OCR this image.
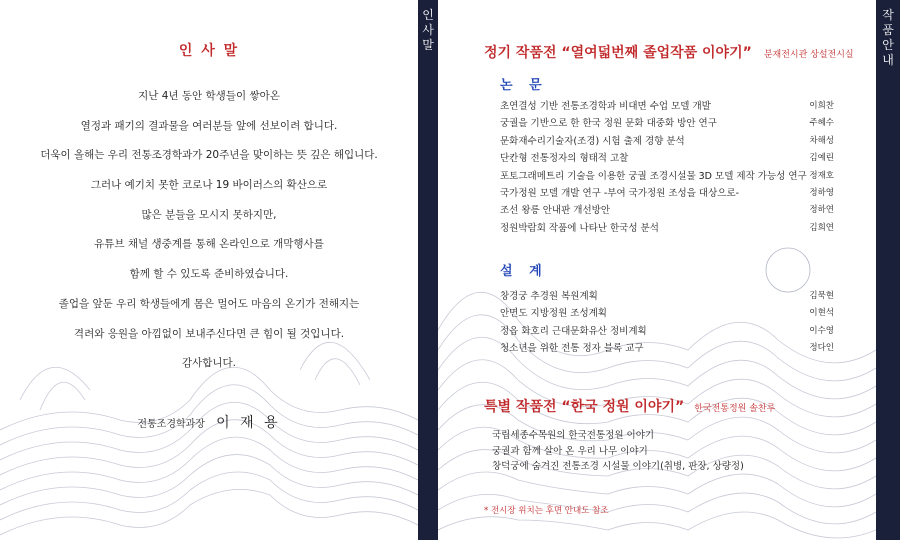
인 사 말

지난 4년 동안 학생들이 쌓아온

열정과 패기의 결과물을 여러분들 앞에 선보이려 합니다.

더욱이 올해는 우리 전통조경학과가 20주년을 맞이하는 뜻 깊은 해입니다.

그러나 예기치 못한 코로나 19 바이러스의 확산으로

많은 분들을 모시지 못하지만,

유튜브 채널 생중계를 통해 온라인으로 개막행사를

함께 할 수 있도록 준비하였습니다.

졸업을 앞둔 우리 학생들에게 몸은 멀어도 마음의 온기가 전해지는

격려와 응원을 아낌없이 보내주신다면 큰 힘이 될 것입니다.

감사합니다.

전통조경학과장 이 재 용
인
사
말	정기 작품전 “열여덟번째 졸업작품 이야기” 분재전시관 상설전시실
논 문
초연결성 기반 전통조경학과 비대면 수업 모델 개발	이희찬
궁궐을 기반으로 한 한국 정원 문화 대중화 방안 연구	주혜수
문화재수리기술자(조경) 시험 출제 경향 분석	차해성
단칸형 전통정자의 형태적 고찰	김예린
포토그래메트리 기술을 이용한 궁궐 조경시설물 3D 모델 제작 가능성 연구 정재호
국가정원 모델 개발 연구 -부여 국가정원 조성을 대상으로-	정하영
조선 왕릉 안내판 개선방안	정하연
정원박람회 작품에 나타난 한국성 분석	김희연
설 계
창경궁 추경원 복원계획	김묵현
안면도 지방정원 조성계획	이현석
정읍 화호리 근대문화유산 정비계획	이수영
청소년을 위한 전통 정자 블록 교구	정다인
특별 작품전 “한국 정원 이야기” 한국전통정원 솔찬루
국립세종수목원의 한국전통정원 이야기
궁궐과 함께 살아 온 우리 나무 이야기
창덕궁에 숨겨진 전통조경 시설물 이야기(취병, 판장, 상량정)
* 전시장 위치는 후면 안내도 참조
작
품
안
내
